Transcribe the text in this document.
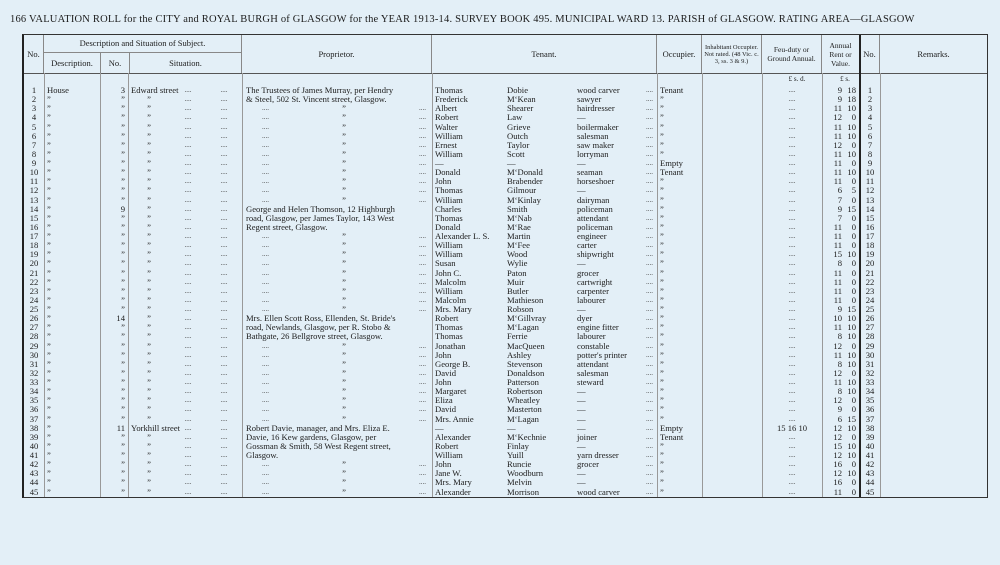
166 VALUATION ROLL for the CITY and ROYAL BURGH of GLASGOW for the YEAR 1913-14. SURVEY BOOK 495. MUNICIPAL WARD 13. PARISH of GLASGOW. RATING AREA—GLASGOW
No.
Description and Situation of Subject.
Description.	No.	Situation.
Proprietor.	Tenant.	Occupier.
Inhabitant Occupier. Not rated. (48 Vic. c. 3, ss. 3 & 9.)
Feu-duty or Ground Annual.
Annual Rent or Value.
No.	Remarks.
£ s. d.	£ s.
1	House	3 Edward street ....	....	The Trustees of James Murray, per Hendry	Thomas	Dobie	wood carver	.... Tenant	....	9 18	1
2	”	”	”	....	....	& Steel, 502 St. Vincent street, Glasgow.	Frederick	M‘Kean	sawyer	.... ”	....	9 18	2
3	”	”	”	....	....	....	”	....	Albert	Shearer	hairdresser	.... ”	....	11 10	3
4	”	”	”	....	....	....	”	....	Robert	Law	—	.... ”	....	12	0	4
5	”	”	”	....	....	....	”	....	Walter	Grieve	boilermaker	.... ”	....	11 10	5
6	”	”	”	....	....	....	”	....	William	Outch	salesman	.... ”	....	11 10	6
7	”	”	”	....	....	....	”	....	Ernest	Taylor	saw maker	.... ”	....	12	0	7
8	”	”	”	....	....	....	”	....	William	Scott	lorryman	.... ”	....	11 10	8
9	”	”	”	....	....	....	”	....	—	—	—	.... Empty	....	11	0	9
10	”	”	”	....	....	....	”	....	Donald	M‘Donald	seaman	.... Tenant	....	11 10	10
11	”	”	”	....	....	....	”	....	John	Brabender	horseshoer	.... ”	....	11	0	11
12	”	”	”	....	....	....	”	....	Thomas	Gilmour	—	.... ”	....	6	5	12
13	”	”	”	....	....	....	”	....	William	M‘Kinlay	dairyman	.... ”	....	7	0	13
14	”	9	”	....	....	George and Helen Thomson, 12 Highburgh	Charles	Smith	policeman	.... ”	....	9 15	14
15	”	”	”	....	....	road, Glasgow, per James Taylor, 143 West	Thomas	M‘Nab	attendant	.... ”	....	7	0	15
16	”	”	”	....	....	Regent street, Glasgow.	Donald	M‘Rae	policeman	.... ”	....	11	0	16
17	”	”	”	....	....	....	”	....	Alexander L. S.	Martin	engineer	.... ”	....	11	0	17
18	”	”	”	....	....	....	”	....	William	M‘Fee	carter	.... ”	....	11	0	18
19	”	”	”	....	....	....	”	....	William	Wood	shipwright	.... ”	....	15 10	19
20	”	”	”	....	....	....	”	....	Susan	Wylie	—	.... ”	....	8	0	20
21	”	”	”	....	....	....	”	....	John C.	Paton	grocer	.... ”	....	11	0	21
22	”	”	”	....	....	....	”	....	Malcolm	Muir	cartwright	.... ”	....	11	0	22
23	”	”	”	....	....	....	”	....	William	Butler	carpenter	.... ”	....	11	0	23
24	”	”	”	....	....	....	”	....	Malcolm	Mathieson	labourer	.... ”	....	11	0	24
25	”	”	”	....	....	....	”	....	Mrs. Mary	Robson	—	.... ”	....	9 15	25
26	”	14	”	....	....	Mrs. Ellen Scott Ross, Ellenden, St. Bride's	Robert	M‘Gillvray	dyer	.... ”	....	10 10	26
27	”	”	”	....	....	road, Newlands, Glasgow, per R. Stobo &	Thomas	M‘Lagan	engine fitter	.... ”	....	11 10	27
28	”	”	”	....	....	Bathgate, 26 Bellgrove street, Glasgow.	Thomas	Ferrie	labourer	.... ”	....	8 10	28
29	”	”	”	....	....	....	”	....	Jonathan	MacQueen	constable	.... ”	....	12	0	29
30	”	”	”	....	....	....	”	....	John	Ashley	potter's printer	.... ”	....	11 10	30
31	”	”	”	....	....	....	”	....	George B.	Stevenson	attendant	.... ”	....	8 10	31
32	”	”	”	....	....	....	”	....	David	Donaldson	salesman	.... ”	....	12	0	32
33	”	”	”	....	....	....	”	....	John	Patterson	steward	.... ”	....	11 10	33
34	”	”	”	....	....	....	”	....	Margaret	Robertson	—	.... ”	....	8 10	34
35	”	”	”	....	....	....	”	....	Eliza	Wheatley	—	.... ”	....	12	0	35
36	”	”	”	....	....	....	”	....	David	Masterton	—	.... ”	....	9	0	36
37	”	”	”	....	....	....	”	....	Mrs. Annie	M‘Lagan	—	.... ”	....	6 15	37
38	”	11 Yorkhill street ....	....	Robert Davie, manager, and Mrs. Eliza E.	—	—	—	.... Empty	15 16 10	12 10	38
39	”	”	”	....	....	Davie, 16 Kew gardens, Glasgow, per	Alexander	M‘Kechnie	joiner	.... Tenant	....	12	0	39
40	”	”	”	....	....	Gossman & Smith, 58 West Regent street,	Robert	Finlay	—	.... ”	....	15 10	40
41	”	”	”	....	....	Glasgow.	William	Yuill	yarn dresser	.... ”	....	12 10	41
42	”	”	”	....	....	....	”	....	John	Runcie	grocer	.... ”	....	16	0	42
43	”	”	”	....	....	....	”	....	Jane W.	Woodburn	—	.... ”	....	12 10	43
44	”	”	”	....	....	....	”	....	Mrs. Mary	Melvin	—	.... ”	....	16	0	44
45	”	”	”	....	....	....	”	....	Alexander	Morrison	wood carver	.... ”	....	11	0	45
